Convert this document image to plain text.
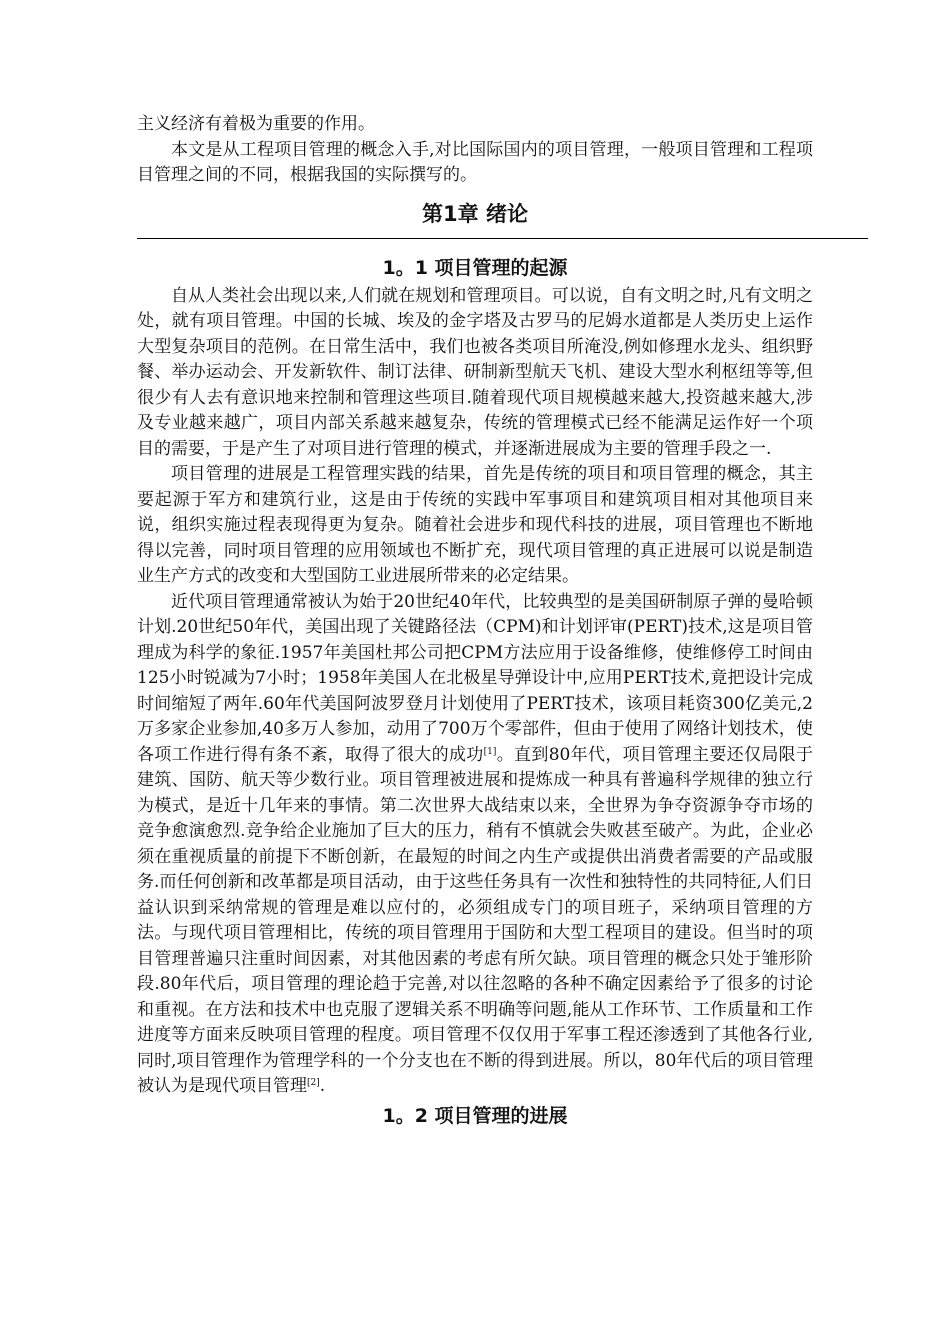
主义经济有着极为重要的作用。

本文是从工程项目管理的概念入手,对比国际国内的项目管理，一般项目管理和工程项目管理之间的不同，根据我国的实际撰写的。

第1章 绪论
1。1 项目管理的起源

自从人类社会出现以来,人们就在规划和管理项目。可以说，自有文明之时,凡有文明之处，就有项目管理。中国的长城、埃及的金字塔及古罗马的尼姆水道都是人类历史上运作大型复杂项目的范例。在日常生活中，我们也被各类项目所淹没,例如修理水龙头、组织野餐、举办运动会、开发新软件、制订法律、研制新型航天飞机、建设大型水利枢纽等等,但很少有人去有意识地来控制和管理这些项目.随着现代项目规模越来越大,投资越来越大,涉及专业越来越广，项目内部关系越来越复杂，传统的管理模式已经不能满足运作好一个项目的需要，于是产生了对项目进行管理的模式，并逐渐进展成为主要的管理手段之一.

项目管理的进展是工程管理实践的结果，首先是传统的项目和项目管理的概念，其主要起源于军方和建筑行业，这是由于传统的实践中军事项目和建筑项目相对其他项目来说，组织实施过程表现得更为复杂。随着社会进步和现代科技的进展，项目管理也不断地得以完善，同时项目管理的应用领域也不断扩充，现代项目管理的真正进展可以说是制造业生产方式的改变和大型国防工业进展所带来的必定结果。

近代项目管理通常被认为始于20世纪40年代，比较典型的是美国研制原子弹的曼哈顿计划.20世纪50年代，美国出现了关键路径法（CPM)和计划评审(PERT)技术,这是项目管理成为科学的象征.1957年美国杜邦公司把CPM方法应用于设备维修，使维修停工时间由125小时锐减为7小时；1958年美国人在北极星导弹设计中,应用PERT技术,竟把设计完成时间缩短了两年.60年代美国阿波罗登月计划使用了PERT技术，该项目耗资300亿美元,2万多家企业参加,40多万人参加，动用了700万个零部件，但由于使用了网络计划技术，使各项工作进行得有条不紊，取得了很大的成功[1]。直到80年代，项目管理主要还仅局限于建筑、国防、航天等少数行业。项目管理被进展和提炼成一种具有普遍科学规律的独立行为模式，是近十几年来的事情。第二次世界大战结束以来，全世界为争夺资源争夺市场的竞争愈演愈烈.竞争给企业施加了巨大的压力，稍有不慎就会失败甚至破产。为此，企业必须在重视质量的前提下不断创新，在最短的时间之内生产或提供出消费者需要的产品或服务.而任何创新和改革都是项目活动，由于这些任务具有一次性和独特性的共同特征,人们日益认识到采纳常规的管理是难以应付的，必须组成专门的项目班子，采纳项目管理的方法。与现代项目管理相比，传统的项目管理用于国防和大型工程项目的建设。但当时的项目管理普遍只注重时间因素，对其他因素的考虑有所欠缺。项目管理的概念只处于雏形阶段.80年代后，项目管理的理论趋于完善,对以往忽略的各种不确定因素给予了很多的讨论和重视。在方法和技术中也克服了逻辑关系不明确等问题,能从工作环节、工作质量和工作进度等方面来反映项目管理的程度。项目管理不仅仅用于军事工程还渗透到了其他各行业,同时,项目管理作为管理学科的一个分支也在不断的得到进展。所以，80年代后的项目管理被认为是现代项目管理[2].

1。2 项目管理的进展
